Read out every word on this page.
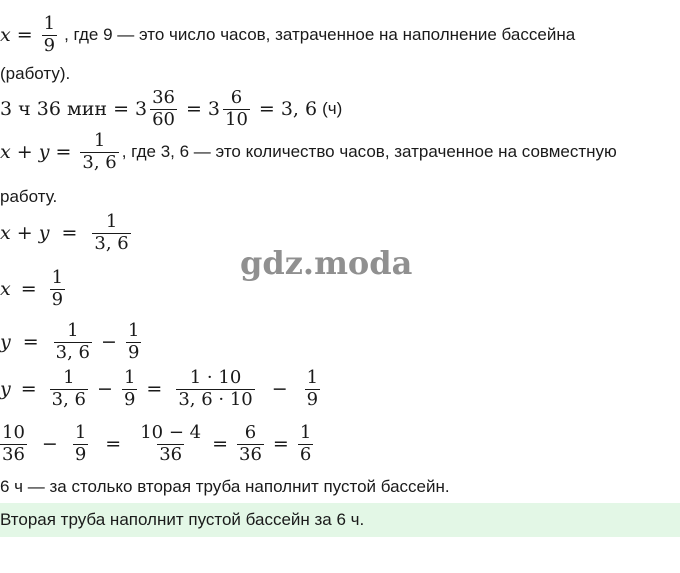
$x = \frac{1}{9}$ , где 9 — это число часов, затраченное на наполнение бассейна
(работу).
3 ч 36 мин = $3 \frac{36}{60} = 3 \frac{6}{10} = 3$, 6 (ч)
$x + y = \frac{1}{3, 6}$ , где 3, 6 — это количество часов, затраченное на совместную
работу.
$x + y = \frac{1}{3, 6}$
gdz.moda
$x = \frac{1}{9}$
$y = \frac{1}{3, 6} - \frac{1}{9}$
$y = \frac{1}{3, 6} - \frac{1}{9} = \frac{1 \cdot 10}{3, 6 \cdot 10} - \frac{1}{9}$
$\frac{10}{36} - \frac{1}{9} = \frac{10 - 4}{36} = \frac{6}{36} = \frac{1}{6}$
6 ч — за столько вторая труба наполнит пустой бассейн.
Вторая труба наполнит пустой бассейн за 6 ч.
